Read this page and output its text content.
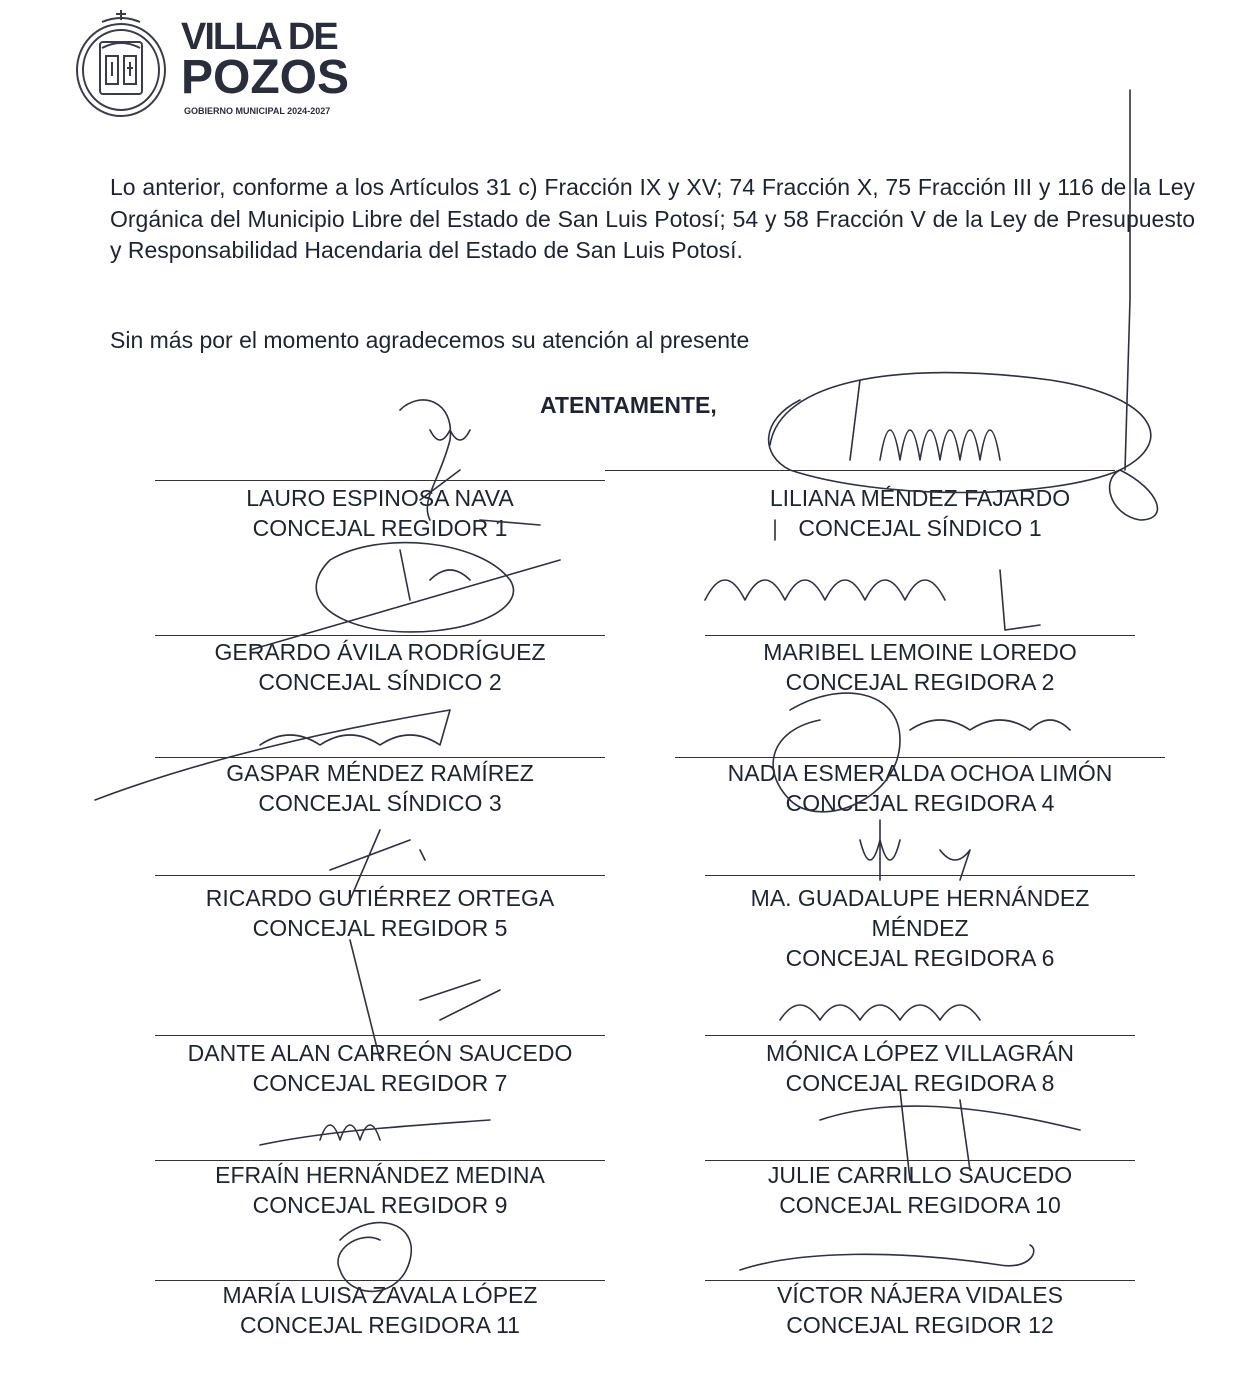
VILLA DE
POZOS
GOBIERNO MUNICIPAL 2024-2027

Lo anterior, conforme a los Artículos 31 c) Fracción IX y XV; 74 Fracción X, 75 Fracción III y 116 de la Ley Orgánica del Municipio Libre del Estado de San Luis Potosí; 54 y 58 Fracción V de la Ley de Presupuesto y Responsabilidad Hacendaria del Estado de San Luis Potosí.

Sin más por el momento agradecemos su atención al presente

ATENTAMENTE,

LAURO ESPINOSA NAVA
CONCEJAL REGIDOR 1
LILIANA MÉNDEZ FAJARDO
CONCEJAL SÍNDICO 1
GERARDO ÁVILA RODRÍGUEZ
CONCEJAL SÍNDICO 2
MARIBEL LEMOINE LOREDO
CONCEJAL REGIDORA 2
GASPAR MÉNDEZ RAMÍREZ
CONCEJAL SÍNDICO 3
NADIA ESMERALDA OCHOA LIMÓN
CONCEJAL REGIDORA 4
RICARDO GUTIÉRREZ ORTEGA
CONCEJAL REGIDOR 5
MA. GUADALUPE HERNÁNDEZ MÉNDEZ
CONCEJAL REGIDORA 6
DANTE ALAN CARREÓN SAUCEDO
CONCEJAL REGIDOR 7
MÓNICA LÓPEZ VILLAGRÁN
CONCEJAL REGIDORA 8
EFRAÍN HERNÁNDEZ MEDINA
CONCEJAL REGIDOR 9
JULIE CARRILLO SAUCEDO
CONCEJAL REGIDORA 10
MARÍA LUISA ZAVALA LÓPEZ
CONCEJAL REGIDORA 11
VÍCTOR NÁJERA VIDALES
CONCEJAL REGIDOR 12
